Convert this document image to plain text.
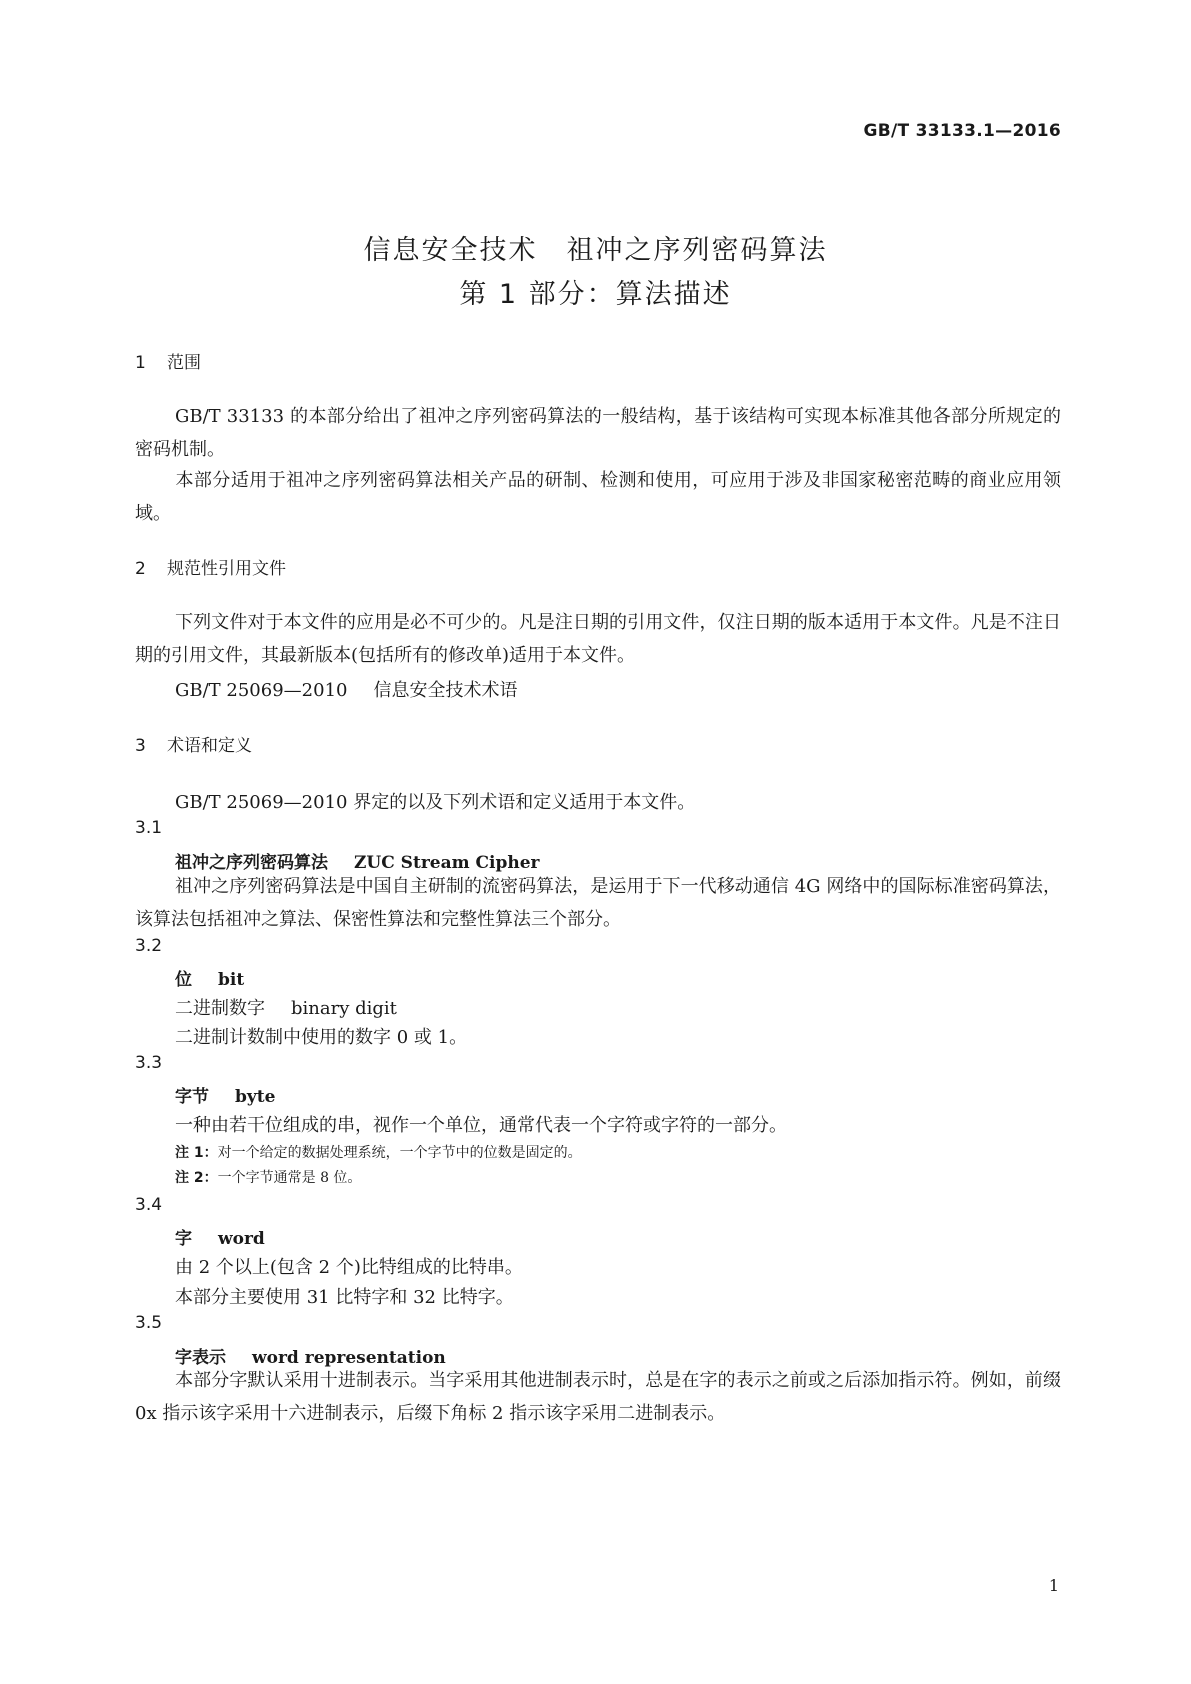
GB/T 33133.1—2016
信息安全技术　祖冲之序列密码算法
第 1 部分：算法描述
1 范围
GB/T 33133 的本部分给出了祖冲之序列密码算法的一般结构，基于该结构可实现本标准其他各部分所规定的密码机制。
本部分适用于祖冲之序列密码算法相关产品的研制、检测和使用，可应用于涉及非国家秘密范畴的商业应用领域。
2 规范性引用文件
下列文件对于本文件的应用是必不可少的。凡是注日期的引用文件，仅注日期的版本适用于本文件。凡是不注日期的引用文件，其最新版本(包括所有的修改单)适用于本文件。
GB/T 25069—2010 信息安全技术术语
3 术语和定义
GB/T 25069—2010 界定的以及下列术语和定义适用于本文件。
3.1
祖冲之序列密码算法 ZUC Stream Cipher
祖冲之序列密码算法是中国自主研制的流密码算法，是运用于下一代移动通信 4G 网络中的国际标准密码算法，该算法包括祖冲之算法、保密性算法和完整性算法三个部分。
3.2
位 bit
二进制数字 binary digit
二进制计数制中使用的数字 0 或 1。
3.3
字节 byte
一种由若干位组成的串，视作一个单位，通常代表一个字符或字符的一部分。
注 1：对一个给定的数据处理系统，一个字节中的位数是固定的。
注 2：一个字节通常是 8 位。
3.4
字 word
由 2 个以上(包含 2 个)比特组成的比特串。
本部分主要使用 31 比特字和 32 比特字。
3.5
字表示 word representation
本部分字默认采用十进制表示。当字采用其他进制表示时，总是在字的表示之前或之后添加指示符。例如，前缀 0x 指示该字采用十六进制表示，后缀下角标 2 指示该字采用二进制表示。
1
